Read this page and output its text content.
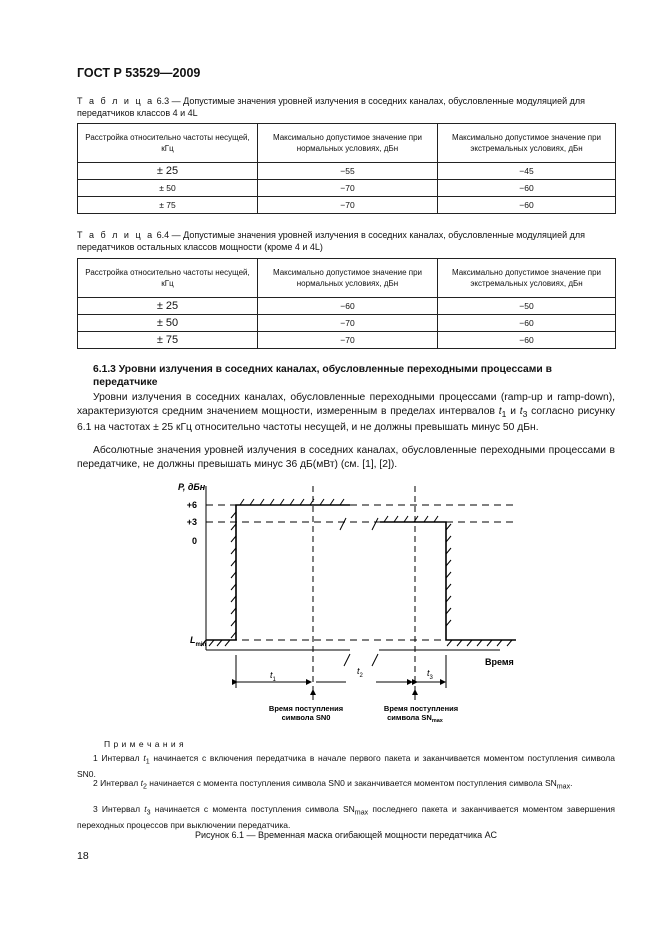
ГОСТ Р 53529—2009
Т а б л и ц а 6.3 — Допустимые значения уровней излучения в соседних каналах, обусловленные модуляцией для передатчиков классов 4 и 4L
Расстройка относительно частоты несущей, кГц	Максимально допустимое значение при нормальных условиях, дБн	Максимально допустимое значение при экстремальных условиях, дБн
± 25	−55	−45
± 50	−70	−60
± 75	−70	−60
Т а б л и ц а 6.4 — Допустимые значения уровней излучения в соседних каналах, обусловленные модуляцией для передатчиков остальных классов мощности (кроме 4 и 4L)
Расстройка относительно частоты несущей, кГц	Максимально допустимое значение при нормальных условиях, дБн	Максимально допустимое значение при экстремальных условиях, дБн
± 25	−60	−50
± 50	−70	−60
± 75	−70	−60
6.1.3 Уровни излучения в соседних каналах, обусловленные переходными процессами в передатчике
Уровни излучения в соседних каналах, обусловленные переходными процессами (ramp-up и ramp-down), характеризуются средним значением мощности, измеренным в пределах интервалов $t_1$ и $t_3$ согласно рисунку 6.1 на частотах ± 25 кГц относительно частоты несущей, и не должны превышать минус 50 дБн.
Абсолютные значения уровней излучения в соседних каналах, обусловленные переходными процессами в передатчике, не должны превышать минус 36 дБ(мВт) (см. [1], [2]).
P, дБн
+6
+3
0
$L_{min}$
Время
$t_1$
$t_2$	$t_3$
Время поступления
символа SN0
Время поступления
символа $SN_{max}$
П р и м е ч а н и я
1 Интервал $t_1$ начинается с включения передатчика в начале первого пакета и заканчивается моментом поступления символа SN0.
2 Интервал $t_2$ начинается с момента поступления символа SN0 и заканчивается моментом поступления символа $SN_{max}$.
3 Интервал $t_3$ начинается с момента поступления символа $SN_{max}$ последнего пакета и заканчивается моментом завершения переходных процессов при выключении передатчика.
Рисунок 6.1 — Временная маска огибающей мощности передатчика АС
18
